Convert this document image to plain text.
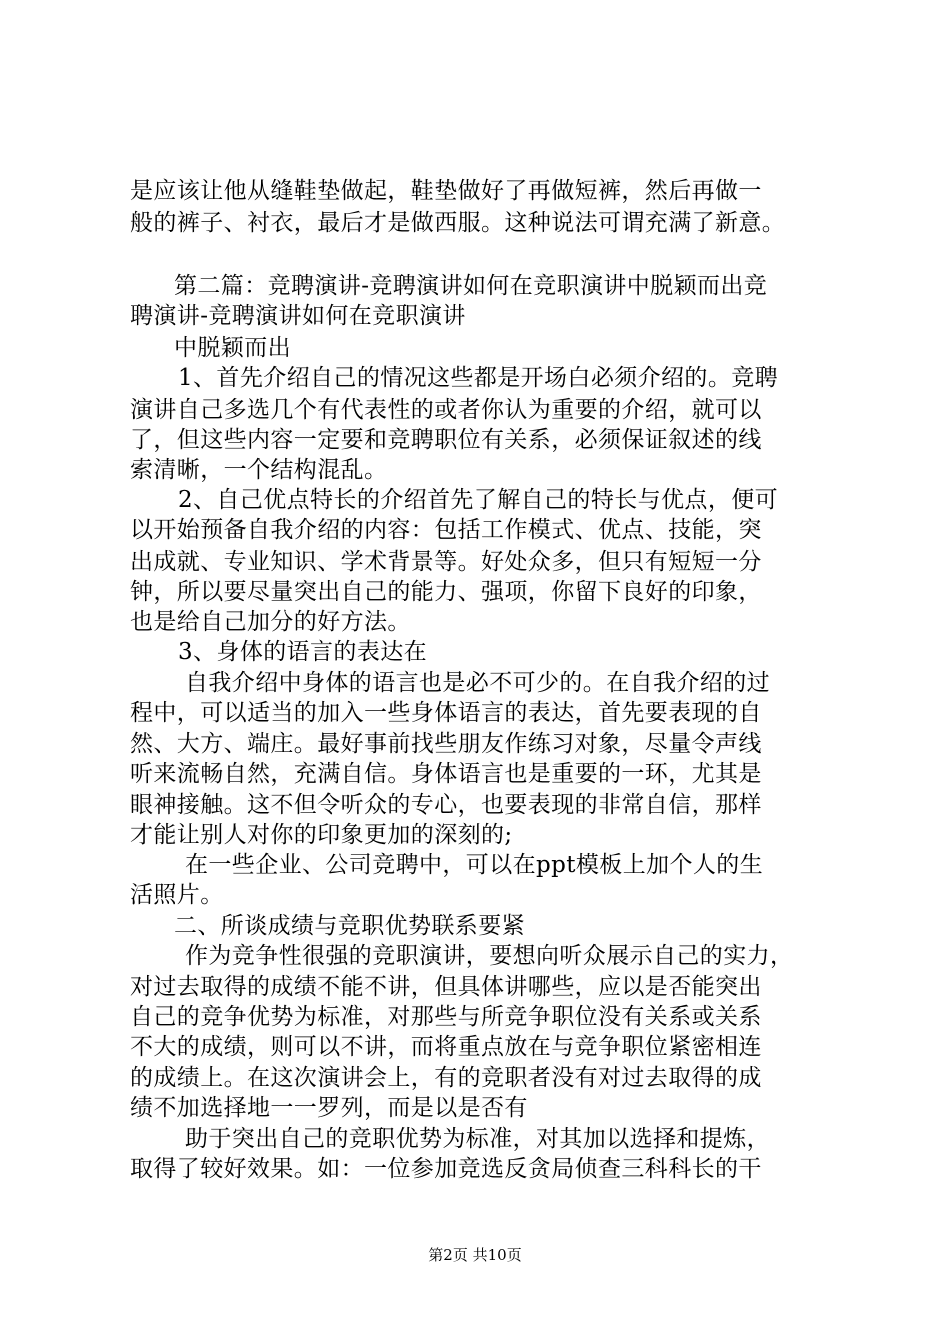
是应该让他从缝鞋垫做起，鞋垫做好了再做短裤，然后再做一
般的裤子、衬衣，最后才是做西服。这种说法可谓充满了新意。
第二篇：竞聘演讲-竞聘演讲如何在竞职演讲中脱颖而出竞
聘演讲-竞聘演讲如何在竞职演讲
中脱颖而出
1、首先介绍自己的情况这些都是开场白必须介绍的。竞聘
演讲自己多选几个有代表性的或者你认为重要的介绍，就可以
了，但这些内容一定要和竞聘职位有关系，必须保证叙述的线
索清晰，一个结构混乱。
2、自己优点特长的介绍首先了解自己的特长与优点，便可
以开始预备自我介绍的内容：包括工作模式、优点、技能，突
出成就、专业知识、学术背景等。好处众多，但只有短短一分
钟，所以要尽量突出自己的能力、强项，你留下良好的印象，
也是给自己加分的好方法。
3、身体的语言的表达在
自我介绍中身体的语言也是必不可少的。在自我介绍的过
程中，可以适当的加入一些身体语言的表达，首先要表现的自
然、大方、端庄。最好事前找些朋友作练习对象，尽量令声线
听来流畅自然，充满自信。身体语言也是重要的一环，尤其是
眼神接触。这不但令听众的专心，也要表现的非常自信，那样
才能让别人对你的印象更加的深刻的;
在一些企业、公司竞聘中，可以在ppt模板上加个人的生
活照片。
二、所谈成绩与竞职优势联系要紧
作为竞争性很强的竞职演讲，要想向听众展示自己的实力，
对过去取得的成绩不能不讲，但具体讲哪些，应以是否能突出
自己的竞争优势为标准，对那些与所竞争职位没有关系或关系
不大的成绩，则可以不讲，而将重点放在与竞争职位紧密相连
的成绩上。在这次演讲会上，有的竞职者没有对过去取得的成
绩不加选择地一一罗列，而是以是否有
助于突出自己的竞职优势为标准，对其加以选择和提炼，
取得了较好效果。如：一位参加竞选反贪局侦查三科科长的干
第2页 共10页
